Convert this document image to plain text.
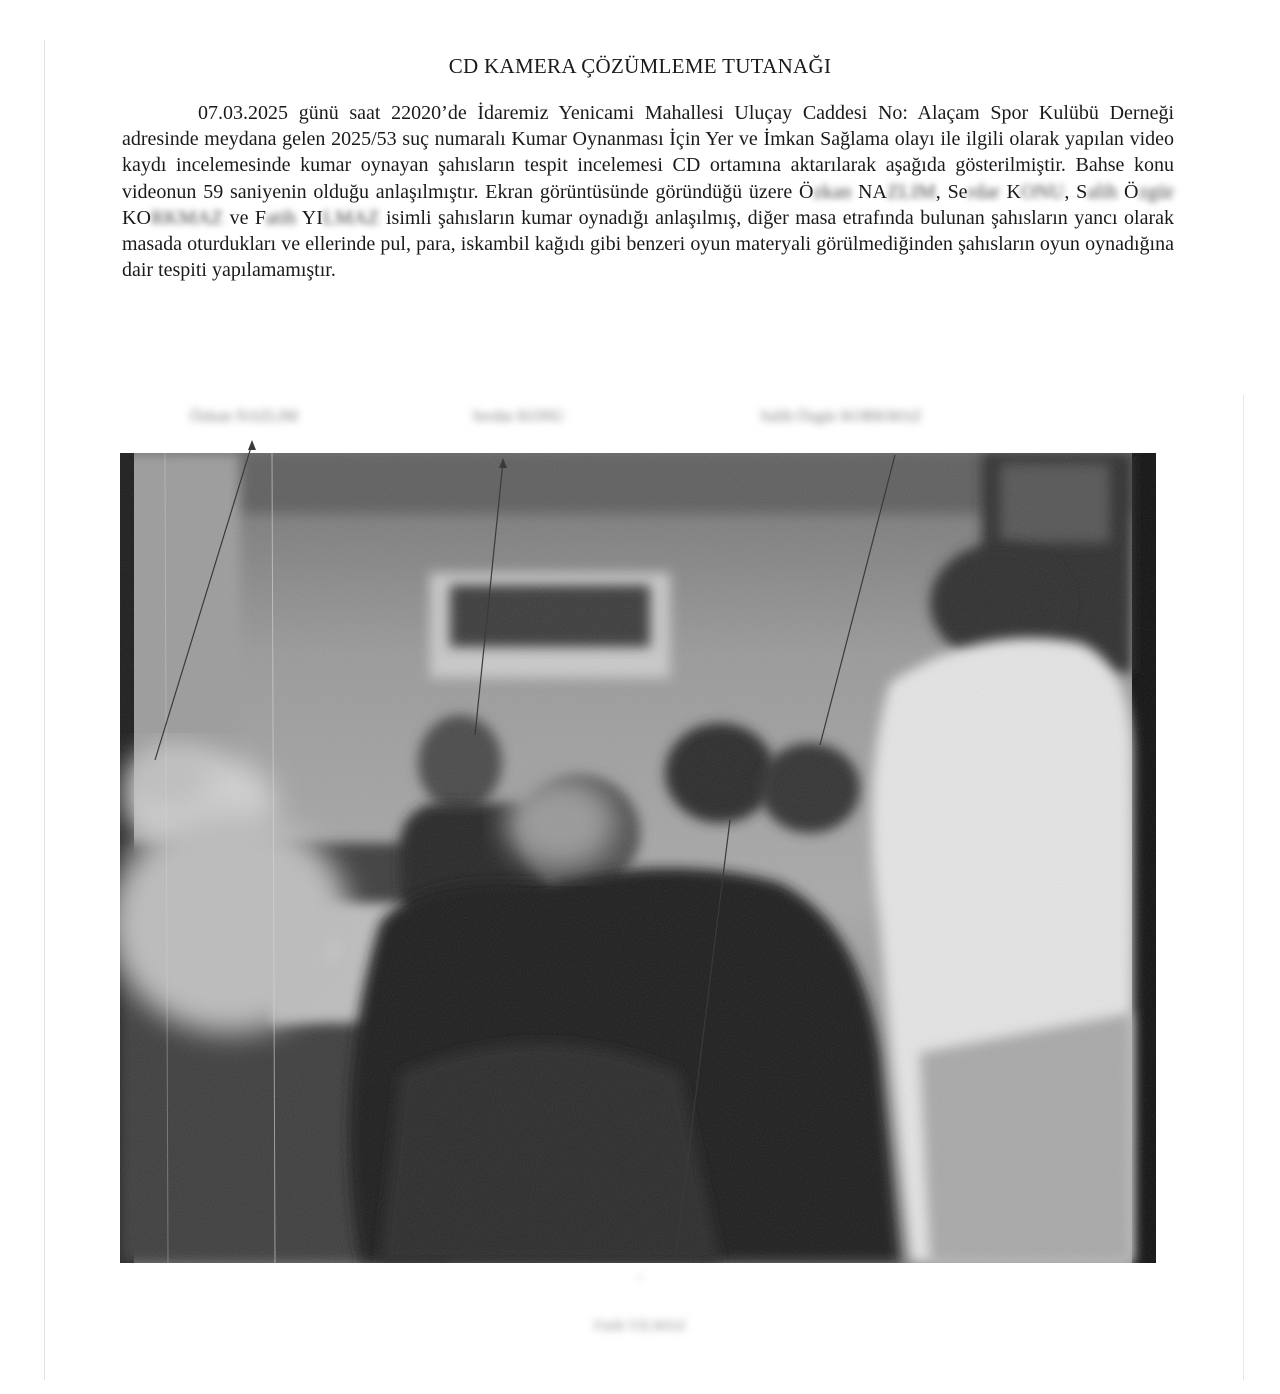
CD KAMERA ÇÖZÜMLEME TUTANAĞI

07.03.2025 günü saat 22020’de İdaremiz Yenicami Mahallesi Uluçay Caddesi No: Alaçam Spor Kulübü Derneği adresinde meydana gelen 2025/53 suç numaralı Kumar Oynanması İçin Yer ve İmkan Sağlama olayı ile ilgili olarak yapılan video kaydı incelemesinde kumar oynayan şahısların tespit incelemesi CD ortamına aktarılarak aşağıda gösterilmiştir. Bahse konu videonun 59 saniyenin olduğu anlaşılmıştır. Ekran görüntüsünde göründüğü üzere Özkan NAZLIM, Serdar KONU, Salih Özgür KORKMAZ ve Fatih YILMAZ isimli şahısların kumar oynadığı anlaşılmış, diğer masa etrafında bulunan şahısların yancı olarak masada oturdukları ve ellerinde pul, para, iskambil kağıdı gibi benzeri oyun materyali görülmediğinden şahısların oyun oynadığına dair tespiti yapılamamıştır.

Özkan NAZLIM	Serdar KONU	Salih Özgür KORKMAZ
-
Fatih YILMAZ
